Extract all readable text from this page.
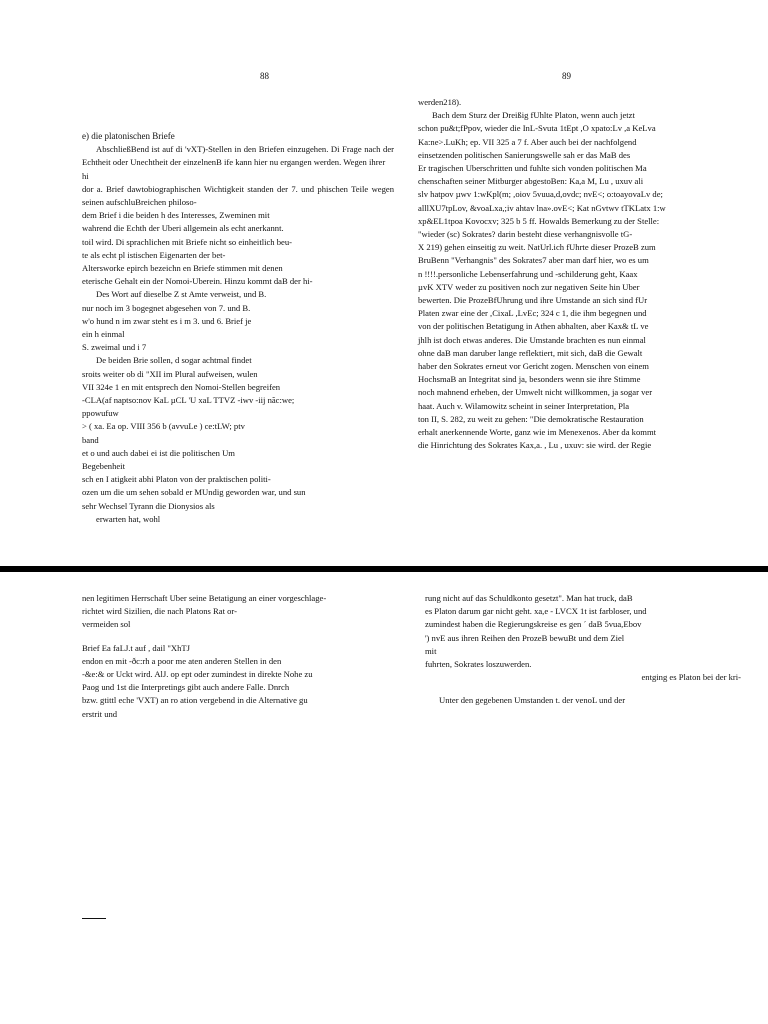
88	89

e) die platonischen Briefe

AbschließBend ist auf di 'vXT)-Stellen in den Briefen einzugehen. Di Frage nach der Echtheit oder Unechtheit der einzelnenB ife kann hier nu ergangen werden. Wegen ihrer

hi

dor a. Brief dawtobiographischen Wichtigkeit standen der 7. und phischen Teile wegen seinen aufschluBreichen philoso-

dem Brief i die beiden h des Interesses, Zweminen mit

wahrend die Echth der Uberi allgemein als echt anerkannt.

toil wird. Di sprachlichen mit Briefe nicht so einheitlich beu-

te als echt pl istischen Eigenarten der bet-

Altersworke epirch bezeichn en Briefe stimmen mit denen

eterische Gehalt ein der Nomoi-Uberein. Hinzu kommt daB der hi-

Des Wort auf dieselbe Z st Amte verweist, und B.

nur noch im 3 bogegnet abgesehen von 7. und B.

w'o hund n im zwar steht es i m 3. und 6. Brief je

ein h einmal

S. zweimal und i 7

De beiden Brie sollen, d sogar achtmal findet

sroits weiter ob di "XII im Plural aufweisen, wulen

VII 324e 1 en mit entsprech den Nomoi-Stellen begreifen

-CLA(af naptso:nov KaL µCL 'U xaL TTVZ -iwv -iij nãc:we;

ppowufuw

> ( xa. Ea op. VIII 356 b (avvuLe ) ce:tLW; ptv

band

et o und auch dabei ei ist die politischen Um

Begebenheit

sch en I atigkeit abhi Platon von der praktischen politi-

ozen um die um sehen sobald er MUndig geworden war, und sun

sehr Wechsel Tyrann die Dionysios als

erwarten hat, wohl

werden218).

Bach dem Sturz der Dreißig fUhlte Platon, wenn auch jetzt

schon pu&t;fPpov, wieder die InL-Svuta 1tEpt ,O xpato:Lv ,a KeLva

Ka:ne>.LuKh; ep. VII 325 a 7 f. Aber auch bei der nachfolgend

einsetzenden politischen Sanierungswelle sah er das MaB des

Er tragischen Uberschritten und fuhlte sich vonden politischen Ma

chenschaften seiner Mitburger abgestoBen: Ka,a M, Lu , uxuv ali

slv hatpov µwv 1:wKpl(m; ,oiov 5vuua,d,ovdc; nvE<; o:toayovaLv de;

alllXU7tpLov, &voaLxa,;iv ahtav lna».ovE<; Kat nGvtwv tTKLatx 1:w

xp&EL1tpoa Kovocxv; 325 b 5 ff. Howalds Bemerkung zu der Stelle:

"wieder (sc) Sokrates? darin besteht diese verhangnisvolle tG-

X 219) gehen einseitig zu weit. NatUrl.ich fUhrte dieser ProzeB zum

BruBenn "Verhangnis" des Sokrates7 aber man darf hier, wo es um

n !!!!.personliche Lebenserfahrung und -schilderung geht, Kaax

µvK XTV weder zu positiven noch zur negativen Seite hin Uber

bewerten. Die ProzeBfUhrung und ihre Umstande an sich sind fUr

Platen zwar eine der ,CixaL ,LvEc; 324 c 1, die ihm begegnen und

von der politischen Betatigung in Athen abhalten, aber Kax& tL ve

jhlh ist doch etwas anderes. Die Umstande brachten es nun einmal

ohne daB man daruber lange reflektiert, mit sich, daB die Gewalt

haber den Sokrates erneut vor Gericht zogen. Menschen von einem

HochsmaB an Integritat sind ja, besonders wenn sie ihre Stimme

noch mahnend erheben, der Umwelt nicht willkommen, ja sogar ver

haat. Auch v. Wilamowitz scheint in seiner Interpretation, Pla

ton II, S. 282, zu weit zu gehen: "Die demokratische Restauration

erhalt anerkennende Worte, ganz wie im Menexenos. Aber da kommt

die Hinrichtung des Sokrates Kax,a. , Lu , uxuv: sie wird. der Regie

nen legitimen Herrschaft Uber seine Betatigung an einer vorgeschlage-

richtet wird Sizilien, die nach Platons Rat or-

vermeiden sol

Brief Ea faLJ.t auf , dail "XhTJ

endon en mit -ðc:rh a poor me aten anderen Stellen in den

-&e:& or Uckt wird. AlJ. op ept oder zumindest in direkte Nohe zu

Paog und 1st die Interpretings gibt auch andere Falle. Dnrch

bzw. gtittl eche 'VXT) an ro ation vergebend in die Alternative gu

erstrit und

rung nicht auf das Schuldkonto gesetzt". Man hat truck, daB

es Platon darum gar nicht geht. xa,e - LVCX 1t ist farbloser, und

zumindest haben die Regierungskreise es gen ´ daB 5vua,Ebov

') nvE aus ihren Reihen den ProzeB bewuBt und dem Ziel

mit

fuhrten, Sokrates loszuwerden.

entging es Platon bei der kri-

Unter den gegebenen Umstanden t. der venoL und der
